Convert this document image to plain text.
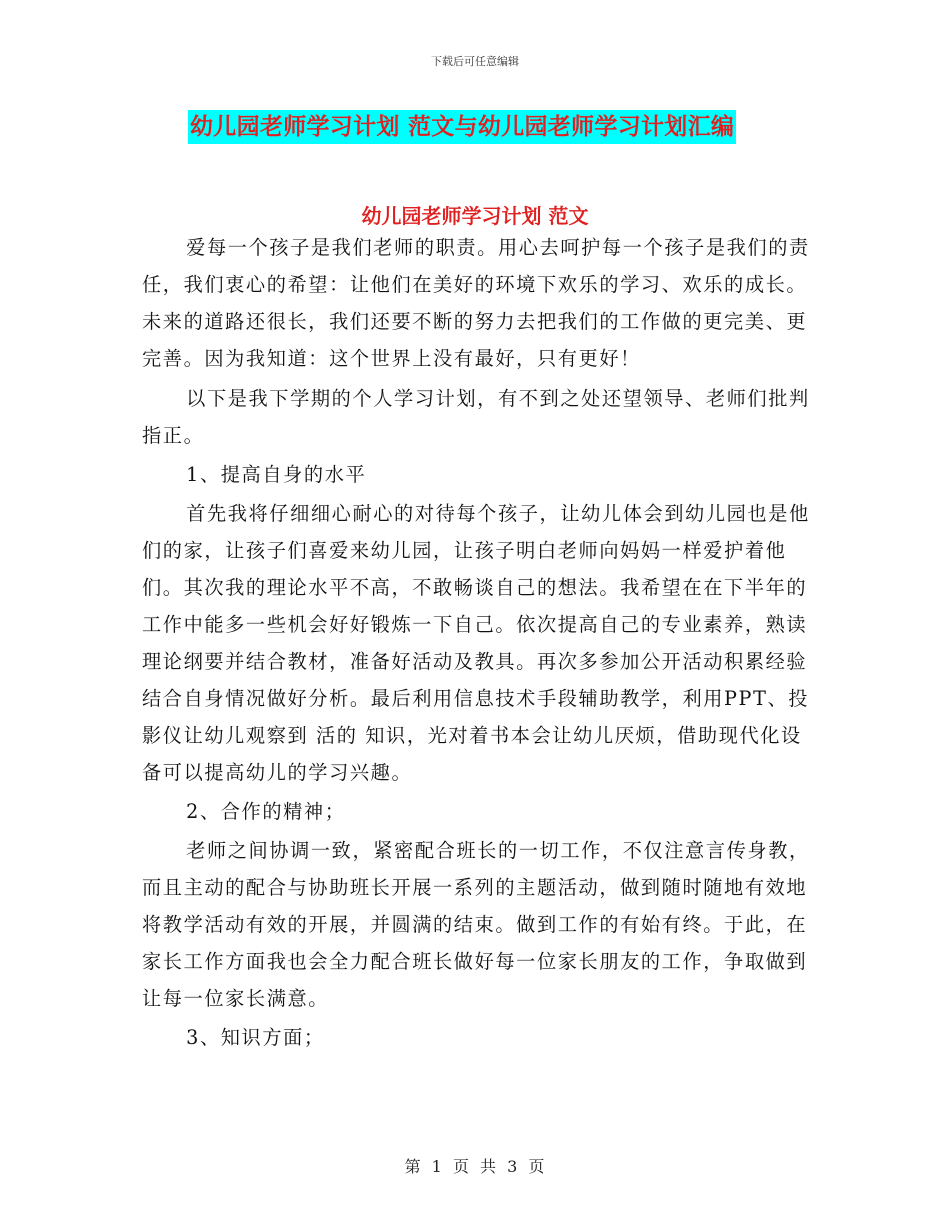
下载后可任意编辑
幼儿园老师学习计划 范文与幼儿园老师学习计划汇编
幼儿园老师学习计划 范文

爱每一个孩子是我们老师的职责。用心去呵护每一个孩子是我们的责任，我们衷心的希望：让他们在美好的环境下欢乐的学习、欢乐的成长。未来的道路还很长，我们还要不断的努力去把我们的工作做的更完美、更完善。因为我知道：这个世界上没有最好，只有更好！

以下是我下学期的个人学习计划，有不到之处还望领导、老师们批判指正。

1、提高自身的水平

首先我将仔细细心耐心的对待每个孩子，让幼儿体会到幼儿园也是他们的家，让孩子们喜爱来幼儿园，让孩子明白老师向妈妈一样爱护着他们。其次我的理论水平不高，不敢畅谈自己的想法。我希望在在下半年的工作中能多一些机会好好锻炼一下自己。依次提高自己的专业素养，熟读理论纲要并结合教材，准备好活动及教具。再次多参加公开活动积累经验结合自身情况做好分析。最后利用信息技术手段辅助教学，利用PPT、投影仪让幼儿观察到 活的 知识，光对着书本会让幼儿厌烦，借助现代化设备可以提高幼儿的学习兴趣。

2、合作的精神；

老师之间协调一致，紧密配合班长的一切工作，不仅注意言传身教，而且主动的配合与协助班长开展一系列的主题活动，做到随时随地有效地将教学活动有效的开展，并圆满的结束。做到工作的有始有终。于此，在家长工作方面我也会全力配合班长做好每一位家长朋友的工作，争取做到让每一位家长满意。

3、知识方面；

第 1 页 共 3 页
